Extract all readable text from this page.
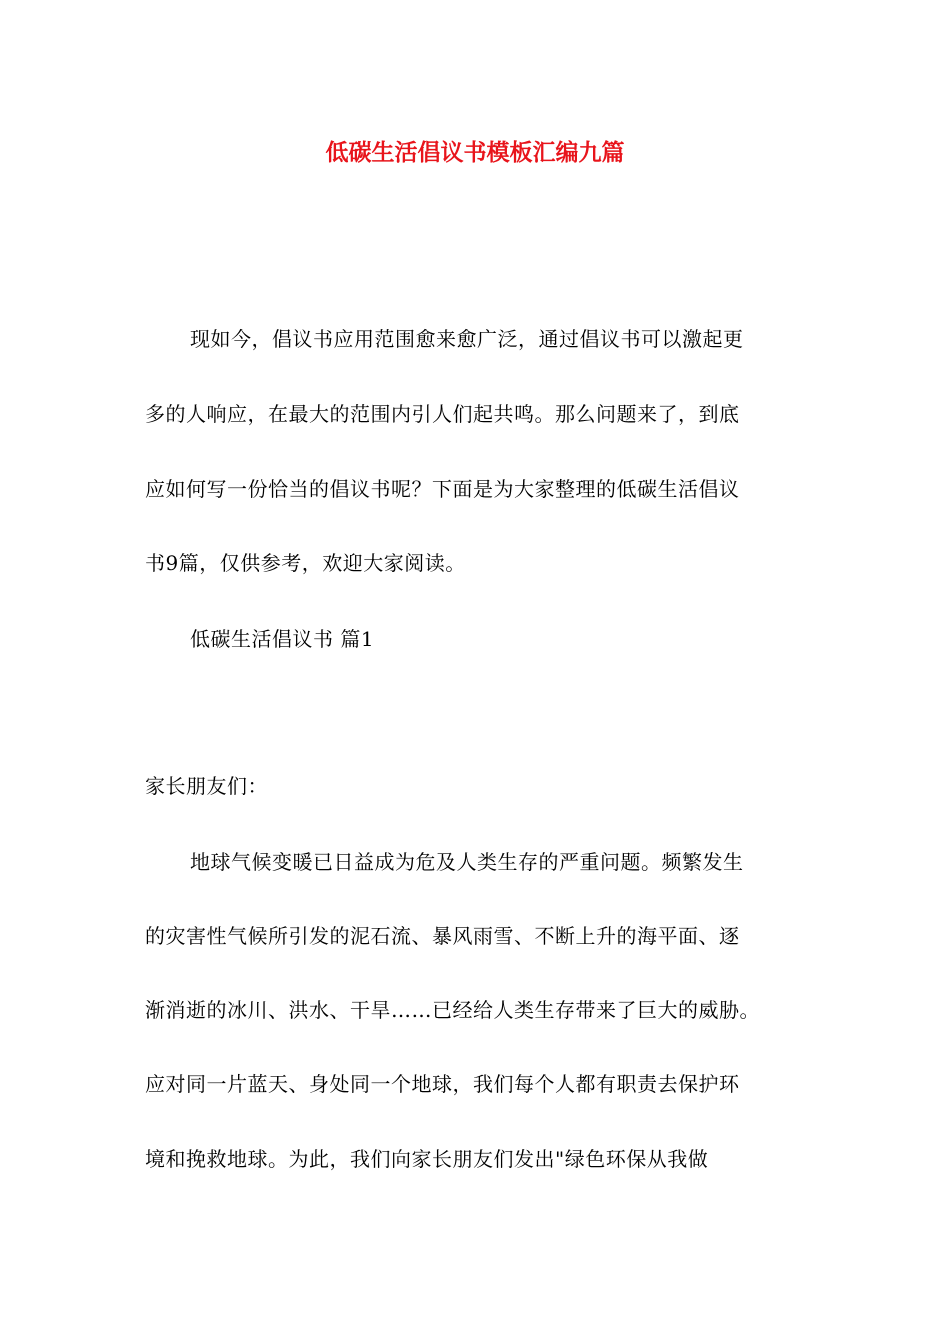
低碳生活倡议书模板汇编九篇
现如今，倡议书应用范围愈来愈广泛，通过倡议书可以激起更
多的人响应，在最大的范围内引人们起共鸣。那么问题来了，到底
应如何写一份恰当的倡议书呢？下面是为大家整理的低碳生活倡议
书9篇，仅供参考，欢迎大家阅读。
低碳生活倡议书 篇1
家长朋友们：
地球气候变暖已日益成为危及人类生存的严重问题。频繁发生
的灾害性气候所引发的泥石流、暴风雨雪、不断上升的海平面、逐
渐消逝的冰川、洪水、干旱……已经给人类生存带来了巨大的威胁。
应对同一片蓝天、身处同一个地球，我们每个人都有职责去保护环
境和挽救地球。为此，我们向家长朋友们发出"绿色环保从我做
